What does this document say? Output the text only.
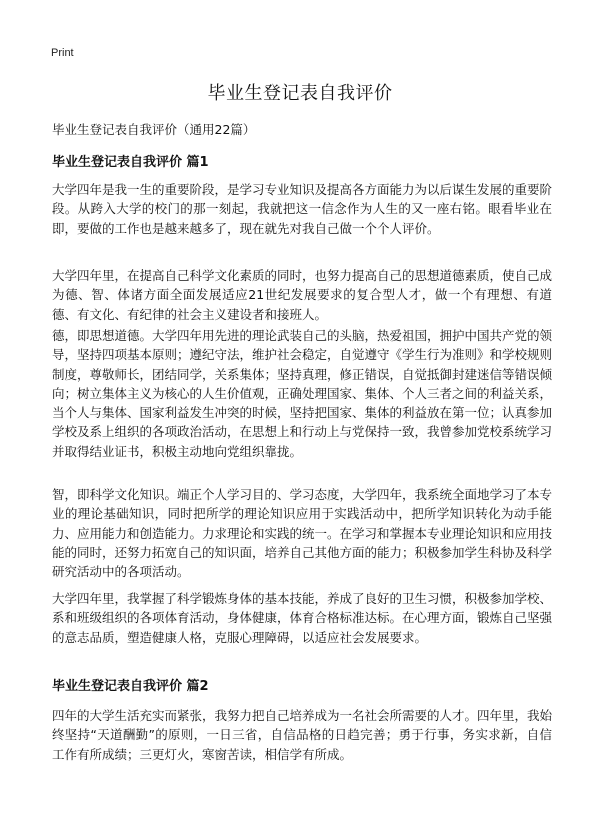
Print
毕业生登记表自我评价
毕业生登记表自我评价（通用22篇）
毕业生登记表自我评价 篇1

大学四年是我一生的重要阶段，是学习专业知识及提高各方面能力为以后谋生发展的重要阶段。从跨入大学的校门的那一刻起，我就把这一信念作为人生的又一座右铭。眼看毕业在即，要做的工作也是越来越多了，现在就先对我自己做一个个人评价。

大学四年里，在提高自己科学文化素质的同时，也努力提高自己的思想道德素质，使自己成为德、智、体诸方面全面发展适应21世纪发展要求的复合型人才，做一个有理想、有道德、有文化、有纪律的社会主义建设者和接班人。

德，即思想道德。大学四年用先进的理论武装自己的头脑，热爱祖国，拥护中国共产党的领导，坚持四项基本原则；遵纪守法，维护社会稳定，自觉遵守《学生行为准则》和学校规则制度，尊敬师长，团结同学，关系集体；坚持真理，修正错误，自觉抵御封建迷信等错误倾向；树立集体主义为核心的人生价值观，正确处理国家、集体、个人三者之间的利益关系，当个人与集体、国家利益发生冲突的时候，坚持把国家、集体的利益放在第一位；认真参加学校及系上组织的各项政治活动，在思想上和行动上与党保持一致，我曾参加党校系统学习并取得结业证书，积极主动地向党组织靠拢。

智，即科学文化知识。端正个人学习目的、学习态度，大学四年，我系统全面地学习了本专业的理论基础知识，同时把所学的理论知识应用于实践活动中，把所学知识转化为动手能力、应用能力和创造能力。力求理论和实践的统一。在学习和掌握本专业理论知识和应用技能的同时，还努力拓宽自己的知识面，培养自己其他方面的能力；积极参加学生科协及科学研究活动中的各项活动。

大学四年里，我掌握了科学锻炼身体的基本技能，养成了良好的卫生习惯，积极参加学校、系和班级组织的各项体育活动，身体健康，体育合格标准达标。在心理方面，锻炼自己坚强的意志品质，塑造健康人格，克服心理障碍，以适应社会发展要求。

毕业生登记表自我评价 篇2

四年的大学生活充实而紧张，我努力把自己培养成为一名社会所需要的人才。四年里，我始终坚持“天道酬勤”的原则，一日三省，自信品格的日趋完善；勇于行事，务实求新，自信工作有所成绩；三更灯火，寒窗苦读，相信学有所成。
